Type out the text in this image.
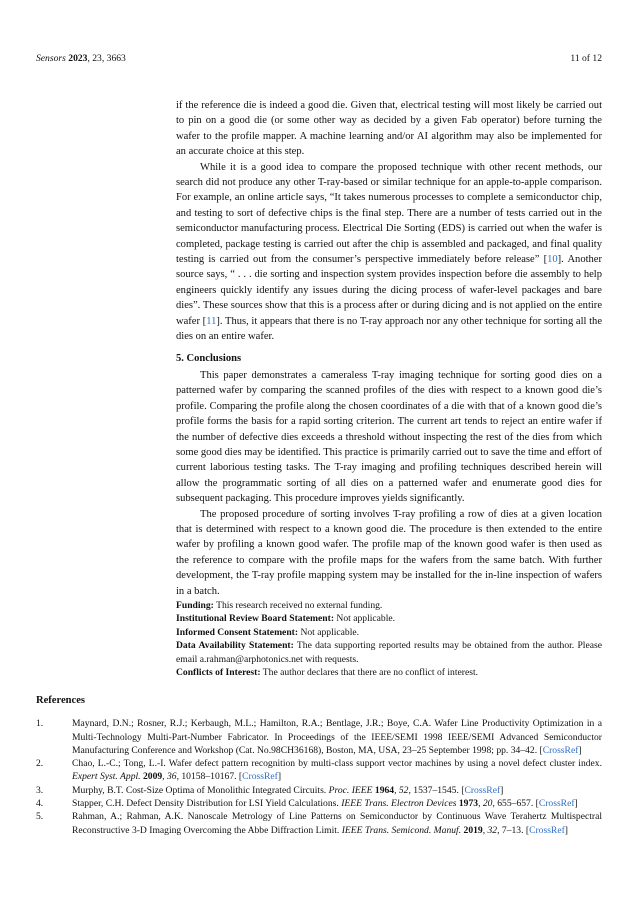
Sensors 2023, 23, 3663	11 of 12

if the reference die is indeed a good die. Given that, electrical testing will most likely be carried out to pin on a good die (or some other way as decided by a given Fab operator) before turning the wafer to the profile mapper. A machine learning and/or AI algorithm may also be implemented for an accurate choice at this step.

While it is a good idea to compare the proposed technique with other recent methods, our search did not produce any other T-ray-based or similar technique for an apple-to-apple comparison. For example, an online article says, “It takes numerous processes to complete a semiconductor chip, and testing to sort of defective chips is the final step. There are a number of tests carried out in the semiconductor manufacturing process. Electrical Die Sorting (EDS) is carried out when the wafer is completed, package testing is carried out after the chip is assembled and packaged, and final quality testing is carried out from the consumer’s perspective immediately before release” [10]. Another source says, “ . . . die sorting and inspection system provides inspection before die assembly to help engineers quickly identify any issues during the dicing process of wafer-level packages and bare dies”. These sources show that this is a process after or during dicing and is not applied on the entire wafer [11]. Thus, it appears that there is no T-ray approach nor any other technique for sorting all the dies on an entire wafer.

5. Conclusions

This paper demonstrates a cameraless T-ray imaging technique for sorting good dies on a patterned wafer by comparing the scanned profiles of the dies with respect to a known good die’s profile. Comparing the profile along the chosen coordinates of a die with that of a known good die’s profile forms the basis for a rapid sorting criterion. The current art tends to reject an entire wafer if the number of defective dies exceeds a threshold without inspecting the rest of the dies from which some good dies may be identified. This practice is primarily carried out to save the time and effort of current laborious testing tasks. The T-ray imaging and profiling techniques described herein will allow the programmatic sorting of all dies on a patterned wafer and enumerate good dies for subsequent packaging. This procedure improves yields significantly.

The proposed procedure of sorting involves T-ray profiling a row of dies at a given location that is determined with respect to a known good die. The procedure is then extended to the entire wafer by profiling a known good wafer. The profile map of the known good wafer is then used as the reference to compare with the profile maps for the wafers from the same batch. With further development, the T-ray profile mapping system may be installed for the in-line inspection of wafers in a batch.

Funding: This research received no external funding.

Institutional Review Board Statement: Not applicable.

Informed Consent Statement: Not applicable.

Data Availability Statement: The data supporting reported results may be obtained from the author. Please email a.rahman@arphotonics.net with requests.

Conflicts of Interest: The author declares that there are no conflict of interest.

References
1.	Maynard, D.N.; Rosner, R.J.; Kerbaugh, M.L.; Hamilton, R.A.; Bentlage, J.R.; Boye, C.A. Wafer Line Productivity Optimization in a Multi-Technology Multi-Part-Number Fabricator. In Proceedings of the IEEE/SEMI 1998 IEEE/SEMI Advanced Semiconductor Manufacturing Conference and Workshop (Cat. No.98CH36168), Boston, MA, USA, 23–25 September 1998; pp. 34–42. [CrossRef]
2.	Chao, L.-C.; Tong, L.-I. Wafer defect pattern recognition by multi-class support vector machines by using a novel defect cluster index. Expert Syst. Appl. 2009, 36, 10158–10167. [CrossRef]
3.	Murphy, B.T. Cost-Size Optima of Monolithic Integrated Circuits. Proc. IEEE 1964, 52, 1537–1545. [CrossRef]
4.	Stapper, C.H. Defect Density Distribution for LSI Yield Calculations. IEEE Trans. Electron Devices 1973, 20, 655–657. [CrossRef]
5.	Rahman, A.; Rahman, A.K. Nanoscale Metrology of Line Patterns on Semiconductor by Continuous Wave Terahertz Multispectral Reconstructive 3-D Imaging Overcoming the Abbe Diffraction Limit. IEEE Trans. Semicond. Manuf. 2019, 32, 7–13. [CrossRef]
